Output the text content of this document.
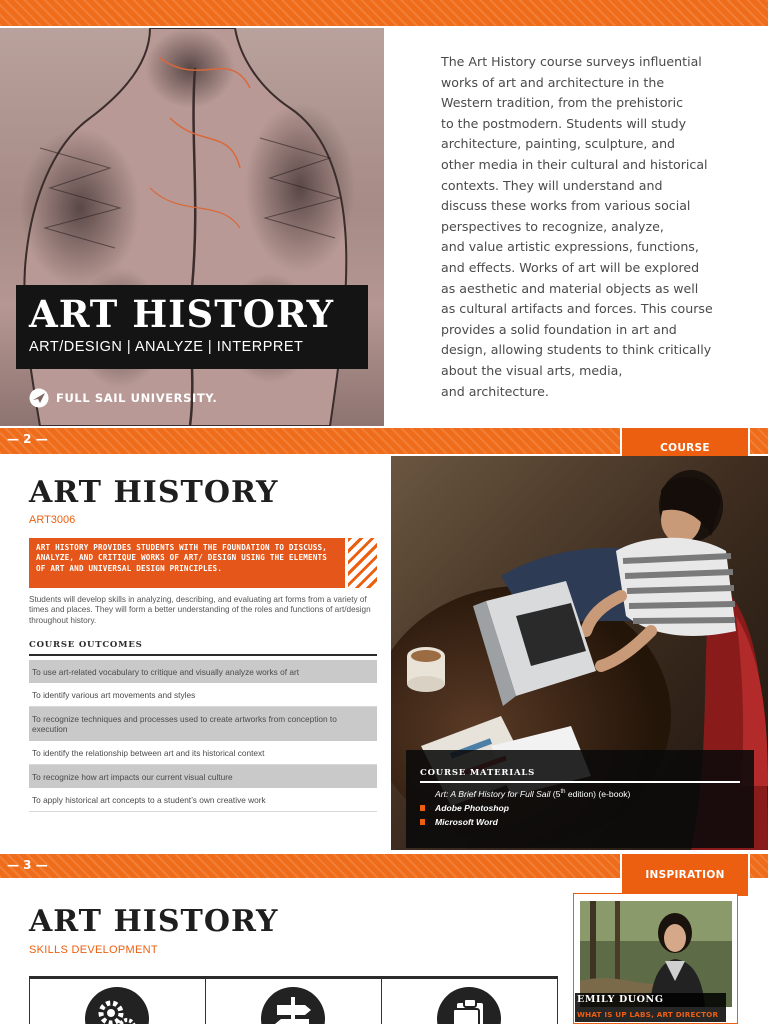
ART HISTORY
ART/DESIGN | ANALYZE | INTERPRET
FULL SAIL UNIVERSITY.
The Art History course surveys influential
works of art and architecture in the
Western tradition, from the prehistoric
to the postmodern. Students will study
architecture, painting, sculpture, and
other media in their cultural and historical
contexts. They will understand and
discuss these works from various social
perspectives to recognize, analyze,
and value artistic expressions, functions,
and effects. Works of art will be explored
as aesthetic and material objects as well
as cultural artifacts and forces. This course
provides a solid foundation in art and
design, allowing students to think critically
about the visual arts, media,
and architecture.
— 2 —
COURSE
ART HISTORY
ART3006
ART HISTORY PROVIDES STUDENTS WITH THE FOUNDATION TO DISCUSS, ANALYZE, AND CRITIQUE WORKS OF ART/ DESIGN USING THE ELEMENTS OF ART AND UNIVERSAL DESIGN PRINCIPLES.
Students will develop skills in analyzing, describing, and evaluating art forms from a variety of times and places. They will form a better understanding of the roles and functions of art/design throughout history.
COURSE OUTCOMES
To use art-related vocabulary to critique and visually analyze works of art
To identify various art movements and styles
To recognize techniques and processes used to create artworks from conception to execution
To identify the relationship between art and its historical context
To recognize how art impacts our current visual culture
To apply historical art concepts to a student’s own creative work
COURSE MATERIALS
Art: A Brief History for Full Sail (5th edition) (e-book)
Adobe Photoshop
Microsoft Word
— 3 —
INSPIRATION
ART HISTORY
SKILLS DEVELOPMENT
EMILY DUONG
WHAT IS UP LABS, ART DIRECTOR
